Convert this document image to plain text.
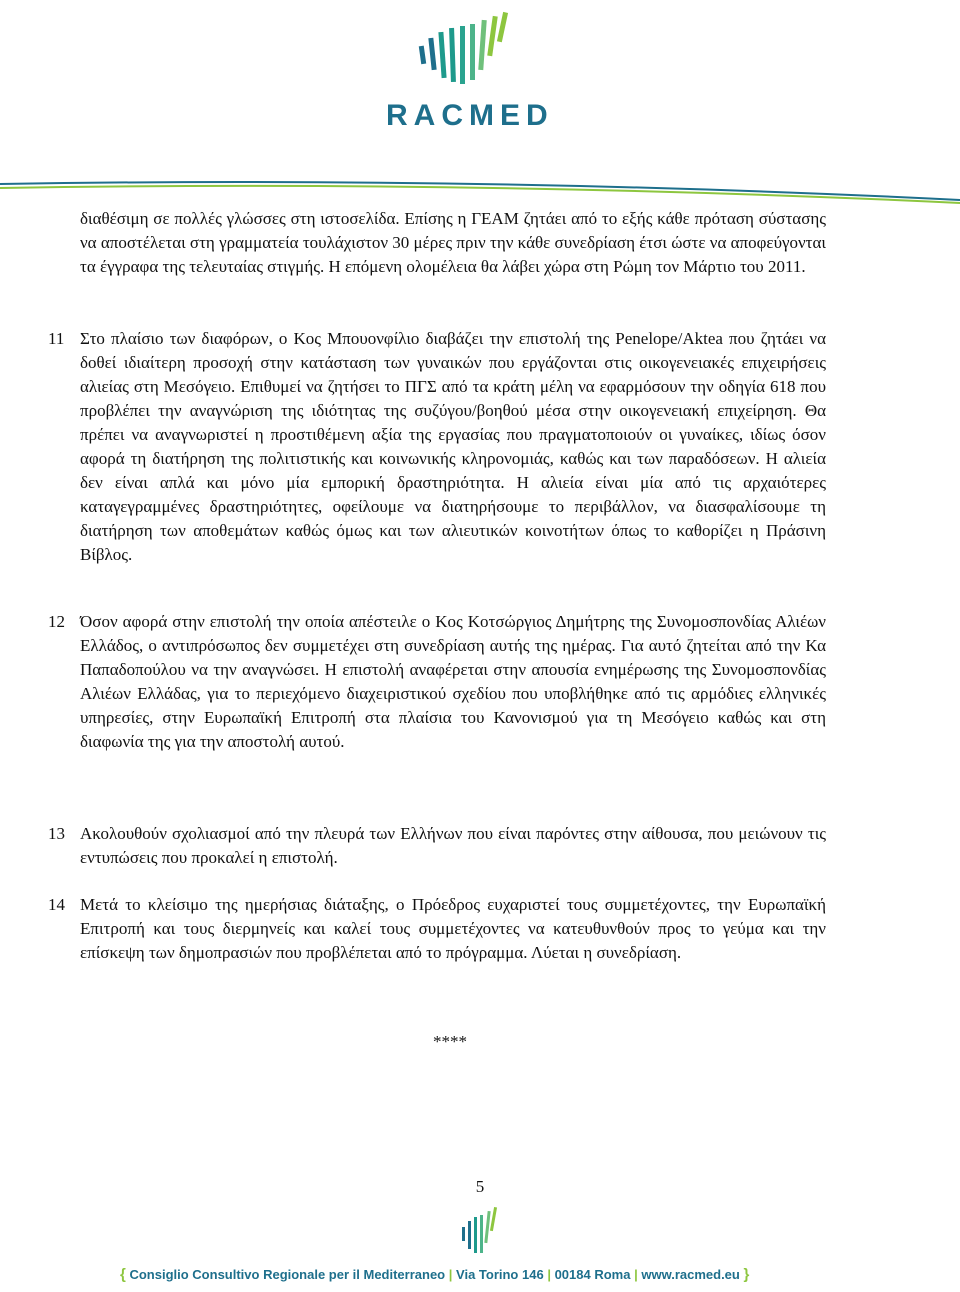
RACMED
διαθέσιμη σε πολλές γλώσσες στη ιστοσελίδα. Επίσης η ΓΕΑΜ ζητάει από το εξής κάθε πρόταση σύστασης να αποστέλεται στη γραμματεία τουλάχιστον 30 μέρες πριν την κάθε συνεδρίαση έτσι ώστε να αποφεύγονται τα έγγραφα της τελευταίας στιγμής. Η επόμενη ολομέλεια θα λάβει χώρα στη Ρώμη τον Μάρτιο του 2011.
11 Στο πλαίσιο των διαφόρων, ο Κος Μπουονφίλιο διαβάζει την επιστολή της Penelope/Aktea που ζητάει να δοθεί ιδιαίτερη προσοχή στην κατάσταση των γυναικών που εργάζονται στις οικογενειακές επιχειρήσεις αλιείας στη Μεσόγειο. Επιθυμεί να ζητήσει το ΠΓΣ από τα κράτη μέλη να εφαρμόσουν την οδηγία 618 που προβλέπει την αναγνώριση της ιδιότητας της συζύγου/βοηθού μέσα στην οικογενειακή επιχείρηση. Θα πρέπει να αναγνωριστεί η προστιθέμενη αξία της εργασίας που πραγματοποιούν οι γυναίκες, ιδίως όσον αφορά τη διατήρηση της πολιτιστικής και κοινωνικής κληρονομιάς, καθώς και των παραδόσεων. Η αλιεία δεν είναι απλά και μόνο μία εμπορική δραστηριότητα. Η αλιεία είναι μία από τις αρχαιότερες καταγεγραμμένες δραστηριότητες, οφείλουμε να διατηρήσουμε το περιβάλλον, να διασφαλίσουμε τη διατήρηση των αποθεμάτων καθώς όμως και των αλιευτικών κοινοτήτων όπως το καθορίζει η Πράσινη Βίβλος.
12 Όσον αφορά στην επιστολή την οποία απέστειλε ο Κος Κοτσώργιος Δημήτρης της Συνομοσπονδίας Αλιέων Ελλάδος, ο αντιπρόσωπος δεν συμμετέχει στη συνεδρίαση αυτής της ημέρας. Για αυτό ζητείται από την Κα Παπαδοπούλου να την αναγνώσει. Η επιστολή αναφέρεται στην απουσία ενημέρωσης της Συνομοσπονδίας Αλιέων Ελλάδας, για το περιεχόμενο διαχειριστικού σχεδίου που υποβλήθηκε από τις αρμόδιες ελληνικές υπηρεσίες, στην Ευρωπαϊκή Επιτροπή στα πλαίσια του Κανονισμού για τη Μεσόγειο καθώς και στη διαφωνία της για την αποστολή αυτού.
13 Ακολουθούν σχολιασμοί από την πλευρά των Ελλήνων που είναι παρόντες στην αίθουσα, που μειώνουν τις εντυπώσεις που προκαλεί η επιστολή.
14 Μετά το κλείσιμο της ημερήσιας διάταξης, ο Πρόεδρος ευχαριστεί τους συμμετέχοντες, την Ευρωπαϊκή Επιτροπή και τους διερμηνείς και καλεί τους συμμετέχοντες να κατευθυνθούν προς το γεύμα και την επίσκεψη των δημοπρασιών που προβλέπεται από το πρόγραμμα. Λύεται η συνεδρίαση.
****
5
{ Consiglio Consultivo Regionale per il Mediterraneo | Via Torino 146 | 00184 Roma | www.racmed.eu }
